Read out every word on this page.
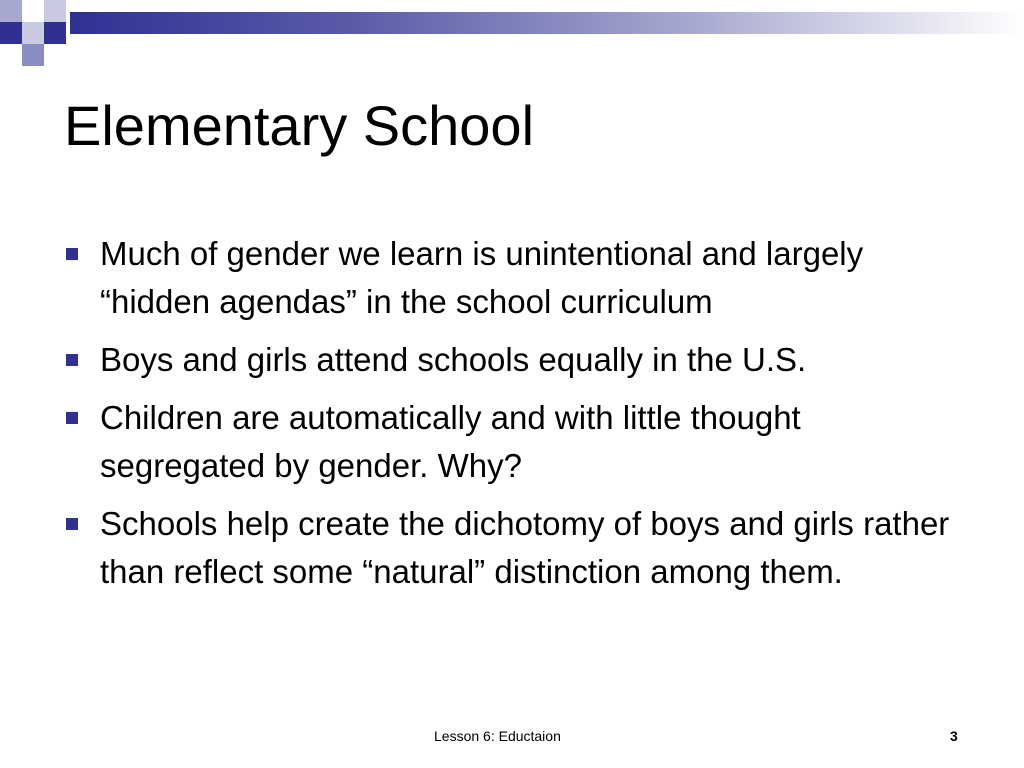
Elementary School
Much of gender we learn is unintentional and largely “hidden agendas” in the school curriculum
Boys and girls attend schools equally in the U.S.
Children are automatically and with little thought segregated by gender. Why?
Schools help create the dichotomy of boys and girls rather than reflect some “natural” distinction among them.
Lesson 6: Eductaion	3
